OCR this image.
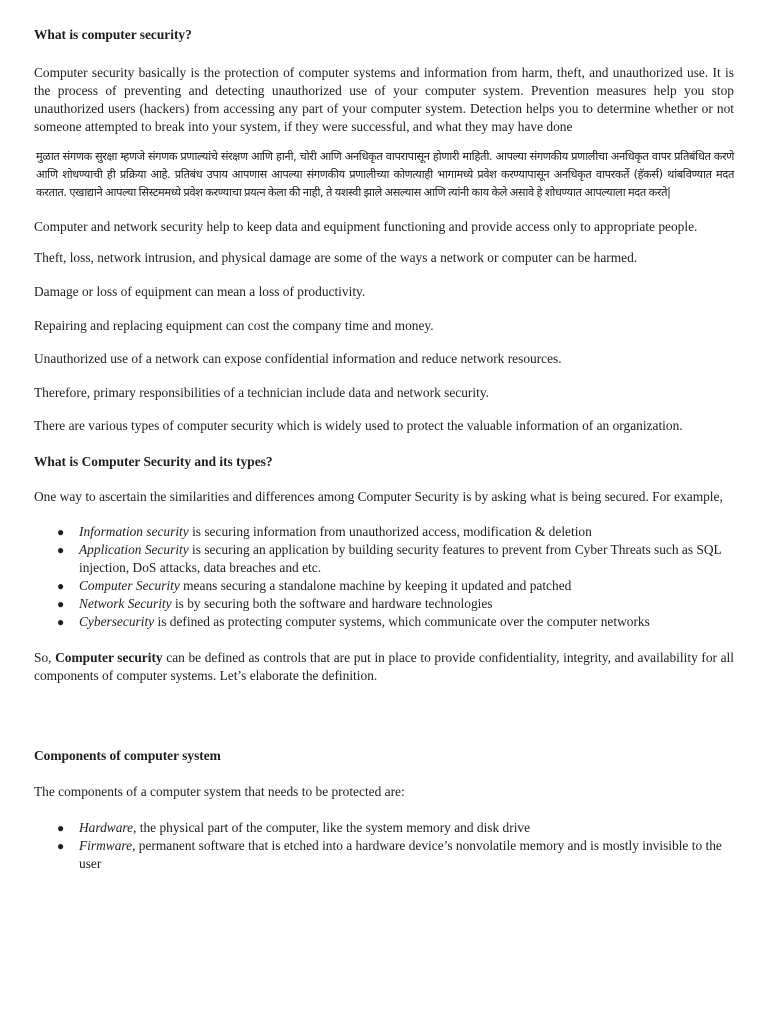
What is computer security?

Computer security basically is the protection of computer systems and information from harm, theft, and unauthorized use. It is the process of preventing and detecting unauthorized use of your computer system. Prevention measures help you stop unauthorized users (hackers) from accessing any part of your computer system. Detection helps you to determine whether or not someone attempted to break into your system, if they were successful, and what they may have done

मुळात संगणक सुरक्षा म्हणजे संगणक प्रणाल्यांचे संरक्षण आणि हानी, चोरी आणि अनधिकृत वापरापासून होणारी माहिती. आपल्या संगणकीय प्रणालीचा अनधिकृत वापर प्रतिबंधित करणे आणि शोधण्याची ही प्रक्रिया आहे. प्रतिबंध उपाय आपणास आपल्या संगणकीय प्रणालीच्या कोणत्याही भागामध्ये प्रवेश करण्यापासून अनधिकृत वापरकर्ते (हॅकर्स) थांबविण्यात मदत करतात. एखाद्याने आपल्या सिस्टममध्ये प्रवेश करण्याचा प्रयत्न केला की नाही, ते यशस्वी झाले असल्यास आणि त्यांनी काय केले असावे हे शोधण्यात आपल्याला मदत करते|

Computer and network security help to keep data and equipment functioning and provide access only to appropriate people.

Theft, loss, network intrusion, and physical damage are some of the ways a network or computer can be harmed.

Damage or loss of equipment can mean a loss of productivity.

Repairing and replacing equipment can cost the company time and money.

Unauthorized use of a network can expose confidential information and reduce network resources.

Therefore, primary responsibilities of a technician include data and network security.

There are various types of computer security which is widely used to protect the valuable information of an organization.

What is Computer Security and its types?

One way to ascertain the similarities and differences among Computer Security is by asking what is being secured. For example,

● Information security is securing information from unauthorized access, modification & deletion
● Application Security is securing an application by building security features to prevent from Cyber Threats such as SQL injection, DoS attacks, data breaches and etc.
● Computer Security means securing a standalone machine by keeping it updated and patched
● Network Security is by securing both the software and hardware technologies
● Cybersecurity is defined as protecting computer systems, which communicate over the computer networks

So, Computer security can be defined as controls that are put in place to provide confidentiality, integrity, and availability for all components of computer systems. Let’s elaborate the definition.

Components of computer system

The components of a computer system that needs to be protected are:

● Hardware, the physical part of the computer, like the system memory and disk drive
● Firmware, permanent software that is etched into a hardware device’s nonvolatile memory and is mostly invisible to the user
